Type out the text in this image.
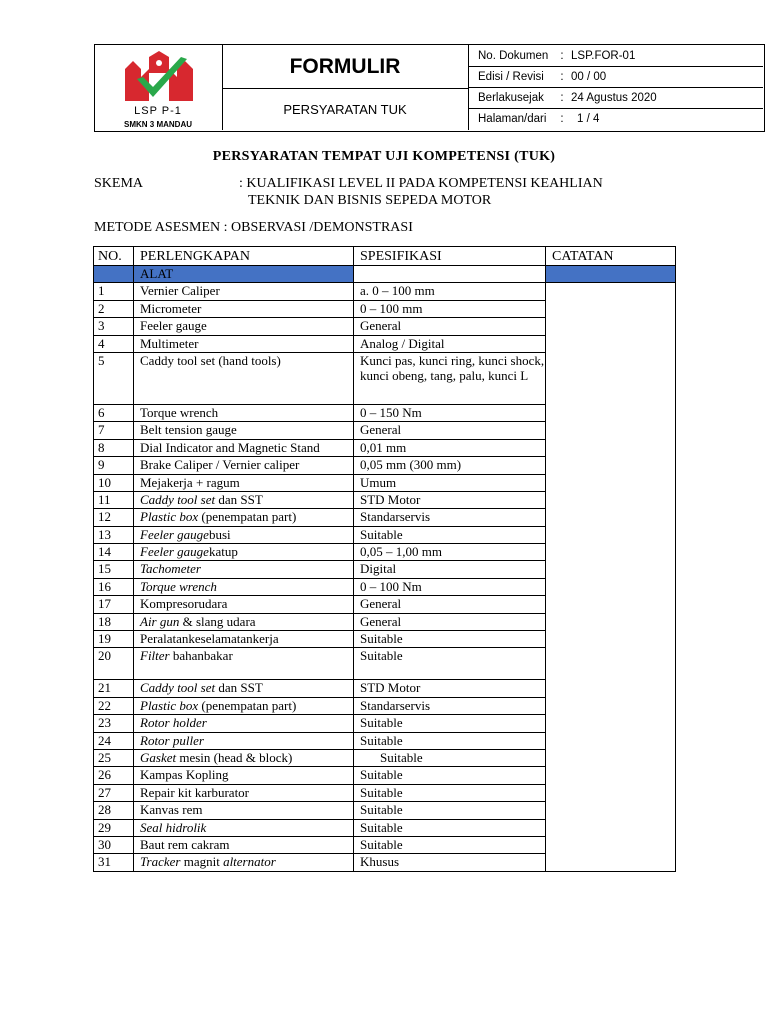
LSP P-1
SMKN 3 MANDAU
FORMULIR
PERSYARATAN TUK
No. Dokumen	: LSP.FOR-01
Edisi / Revisi	: 00 / 00
Berlakusejak	: 24 Agustus 2020
Halaman/dari	:	1 / 4
PERSYARATAN TEMPAT UJI KOMPETENSI (TUK)
SKEMA	: KUALIFIKASI LEVEL II PADA KOMPETENSI KEAHLIAN
TEKNIK DAN BISNIS SEPEDA MOTOR
METODE ASESMEN : OBSERVASI /DEMONSTRASI
NO.	PERLENGKAPAN	SPESIFIKASI	CATATAN
	ALAT		
1	Vernier Caliper	a. 0 – 100 mm	
2	Micrometer	0 – 100 mm	
3	Feeler gauge	General	
4	Multimeter	Analog / Digital	
5	Caddy tool set (hand tools)	Kunci pas, kunci ring, kunci shock, kunci obeng, tang, palu, kunci L	
6	Torque wrench	0 – 150 Nm	
7	Belt tension gauge	General	
8	Dial Indicator and Magnetic Stand	0,01 mm	
9	Brake Caliper / Vernier caliper	0,05 mm (300 mm)	
10	Mejakerja + ragum	Umum	
11	Caddy tool set dan SST	STD Motor	
12	Plastic box (penempatan part)	Standarservis	
13	Feeler gaugebusi	Suitable	
14	Feeler gaugekatup	0,05 – 1,00 mm	
15	Tachometer	Digital	
16	Torque wrench	0 – 100 Nm	
17	Kompresorudara	General	
18	Air gun & slang udara	General	
19	Peralatankeselamatankerja	Suitable	
20	Filter bahanbakar	Suitable	
21	Caddy tool set dan SST	STD Motor	
22	Plastic box (penempatan part)	Standarservis	
23	Rotor holder	Suitable	
24	Rotor puller	Suitable	
25	Gasket mesin (head & block)	Suitable	
26	Kampas Kopling	Suitable	
27	Repair kit karburator	Suitable	
28	Kanvas rem	Suitable	
29	Seal hidrolik	Suitable	
30	Baut rem cakram	Suitable	
31	Tracker magnit alternator	Khusus	
